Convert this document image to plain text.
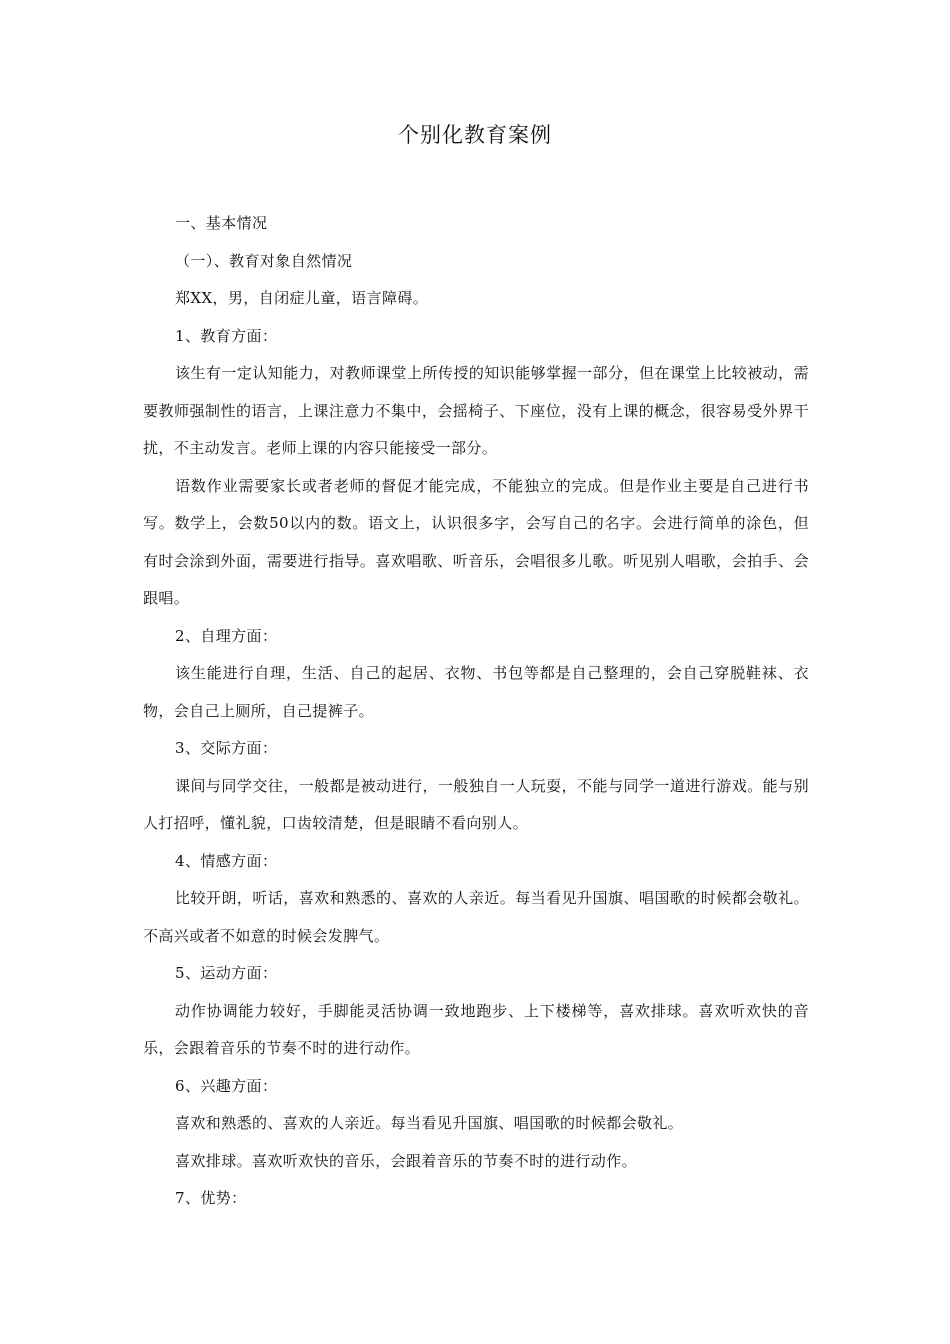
个别化教育案例

一、基本情况

（一）、教育对象自然情况

郑XX，男，自闭症儿童，语言障碍。

1、教育方面：

该生有一定认知能力，对教师课堂上所传授的知识能够掌握一部分，但在课堂上比较被动，需要教师强制性的语言，上课注意力不集中，会摇椅子、下座位，没有上课的概念，很容易受外界干扰，不主动发言。老师上课的内容只能接受一部分。

语数作业需要家长或者老师的督促才能完成，不能独立的完成。但是作业主要是自己进行书写。数学上，会数50以内的数。语文上，认识很多字，会写自己的名字。会进行简单的涂色，但有时会涂到外面，需要进行指导。喜欢唱歌、听音乐，会唱很多儿歌。听见别人唱歌，会拍手、会跟唱。

2、自理方面：

该生能进行自理，生活、自己的起居、衣物、书包等都是自己整理的，会自己穿脱鞋袜、衣物，会自己上厕所，自己提裤子。

3、交际方面：

课间与同学交往，一般都是被动进行，一般独自一人玩耍，不能与同学一道进行游戏。能与别人打招呼，懂礼貌，口齿较清楚，但是眼睛不看向别人。

4、情感方面：

比较开朗，听话，喜欢和熟悉的、喜欢的人亲近。每当看见升国旗、唱国歌的时候都会敬礼。不高兴或者不如意的时候会发脾气。

5、运动方面：

动作协调能力较好，手脚能灵活协调一致地跑步、上下楼梯等，喜欢排球。喜欢听欢快的音乐，会跟着音乐的节奏不时的进行动作。

6、兴趣方面：

喜欢和熟悉的、喜欢的人亲近。每当看见升国旗、唱国歌的时候都会敬礼。

喜欢排球。喜欢听欢快的音乐，会跟着音乐的节奏不时的进行动作。

7、优势：
